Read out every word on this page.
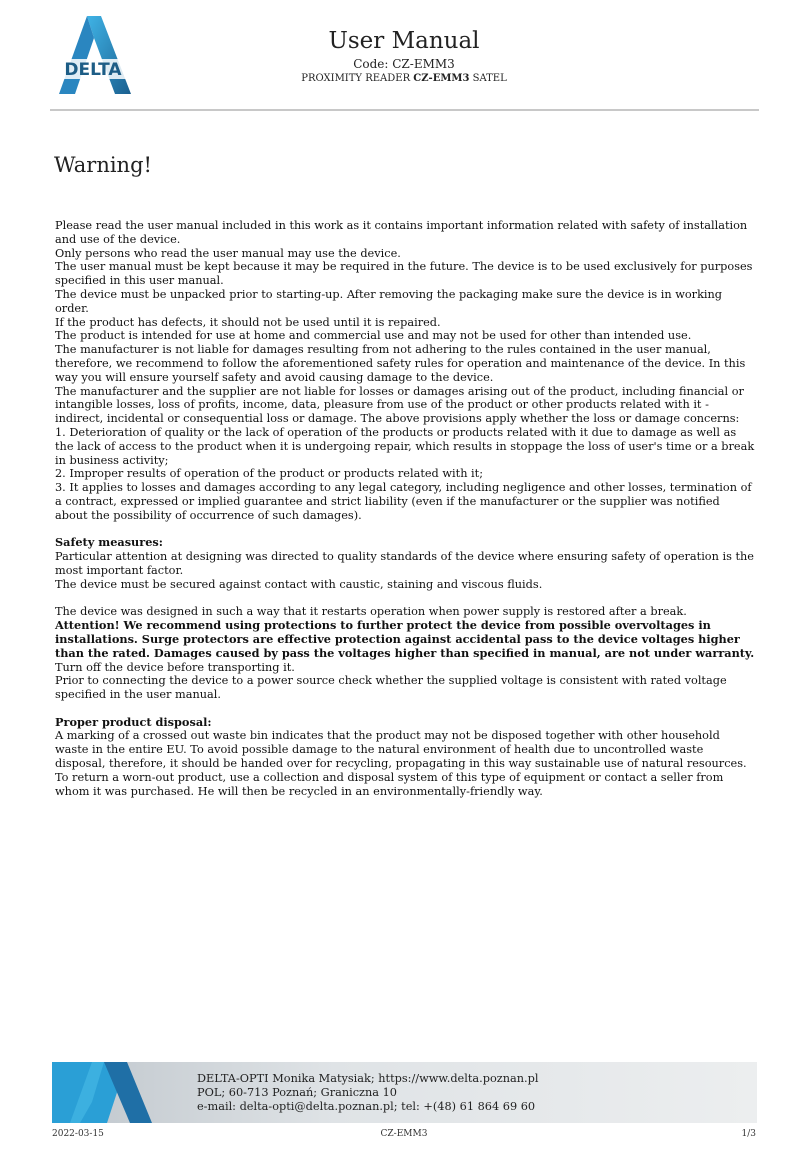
DELTA
User Manual
Code: CZ-EMM3
PROXIMITY READER CZ-EMM3 SATEL
Warning!

Please read the user manual included in this work as it contains important information related with safety of installation and use of the device.

Only persons who read the user manual may use the device.

The user manual must be kept because it may be required in the future. The device is to be used exclusively for purposes specified in this user manual.

The device must be unpacked prior to starting-up. After removing the packaging make sure the device is in working order.

If the product has defects, it should not be used until it is repaired.

The product is intended for use at home and commercial use and may not be used for other than intended use.

The manufacturer is not liable for damages resulting from not adhering to the rules contained in the user manual, therefore, we recommend to follow the aforementioned safety rules for operation and maintenance of the device. In this way you will ensure yourself safety and avoid causing damage to the device.

The manufacturer and the supplier are not liable for losses or damages arising out of the product, including financial or intangible losses, loss of profits, income, data, pleasure from use of the product or other products related with it - indirect, incidental or consequential loss or damage. The above provisions apply whether the loss or damage concerns:

1. Deterioration of quality or the lack of operation of the products or products related with it due to damage as well as the lack of access to the product when it is undergoing repair, which results in stoppage the loss of user's time or a break in business activity;

2. Improper results of operation of the product or products related with it;

3. It applies to losses and damages according to any legal category, including negligence and other losses, termination of a contract, expressed or implied guarantee and strict liability (even if the manufacturer or the supplier was notified about the possibility of occurrence of such damages).

Safety measures:

Particular attention at designing was directed to quality standards of the device where ensuring safety of operation is the most important factor.

The device must be secured against contact with caustic, staining and viscous fluids.

The device was designed in such a way that it restarts operation when power supply is restored after a break.

Attention! We recommend using protections to further protect the device from possible overvoltages in installations. Surge protectors are effective protection against accidental pass to the device voltages higher than the rated. Damages caused by pass the voltages higher than specified in manual, are not under warranty.

Turn off the device before transporting it.

Prior to connecting the device to a power source check whether the supplied voltage is consistent with rated voltage specified in the user manual.

Proper product disposal:

A marking of a crossed out waste bin indicates that the product may not be disposed together with other household waste in the entire EU. To avoid possible damage to the natural environment of health due to uncontrolled waste disposal, therefore, it should be handed over for recycling, propagating in this way sustainable use of natural resources.

To return a worn-out product, use a collection and disposal system of this type of equipment or contact a seller from whom it was purchased. He will then be recycled in an environmentally-friendly way.

DELTA-OPTI Monika Matysiak; https://www.delta.poznan.pl
POL; 60-713 Poznań; Graniczna 10
e-mail: delta-opti@delta.poznan.pl; tel: +(48) 61 864 69 60
CZ-EMM3
2022-03-15	1/3
